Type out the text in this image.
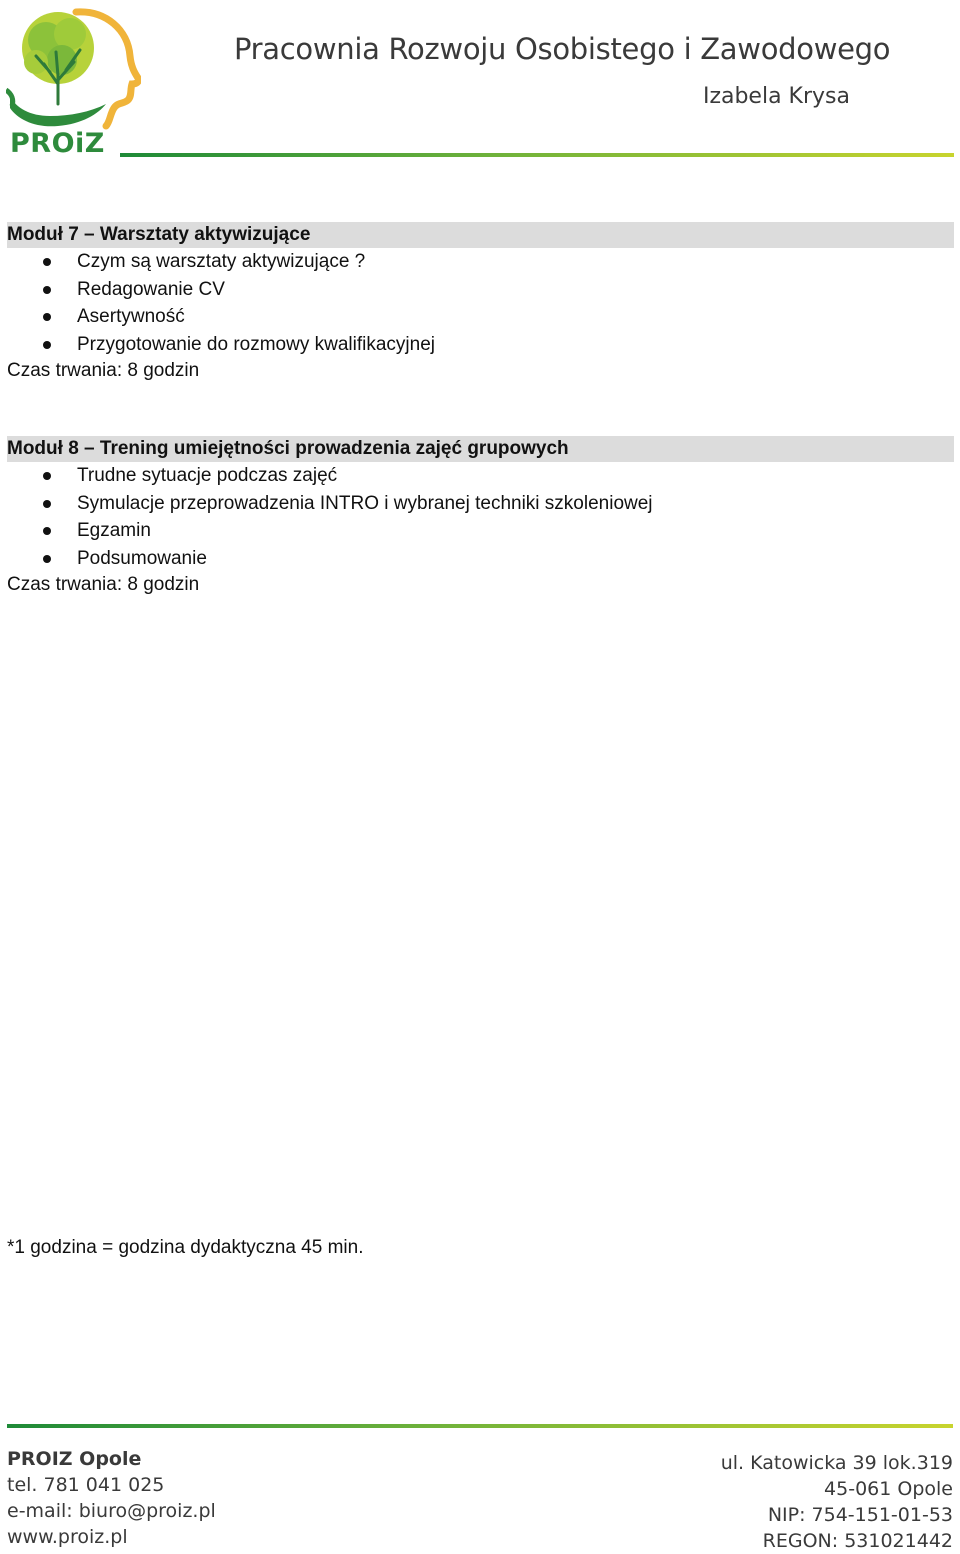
PROiZ
Pracownia Rozwoju Osobistego i Zawodowego
Izabela Krysa
Moduł 7 – Warsztaty aktywizujące
Czym są warsztaty aktywizujące ?
Redagowanie CV
Asertywność
Przygotowanie do rozmowy kwalifikacyjnej
Czas trwania: 8 godzin
Moduł 8 – Trening umiejętności prowadzenia zajęć grupowych
Trudne sytuacje podczas zajęć
Symulacje przeprowadzenia INTRO i wybranej techniki szkoleniowej
Egzamin
Podsumowanie
Czas trwania: 8 godzin
*1 godzina = godzina dydaktyczna 45 min.
PROIZ Opole
tel. 781 041 025
e-mail: biuro@proiz.pl
www.proiz.pl
ul. Katowicka 39 lok.319
45-061 Opole
NIP: 754-151-01-53
REGON: 531021442
